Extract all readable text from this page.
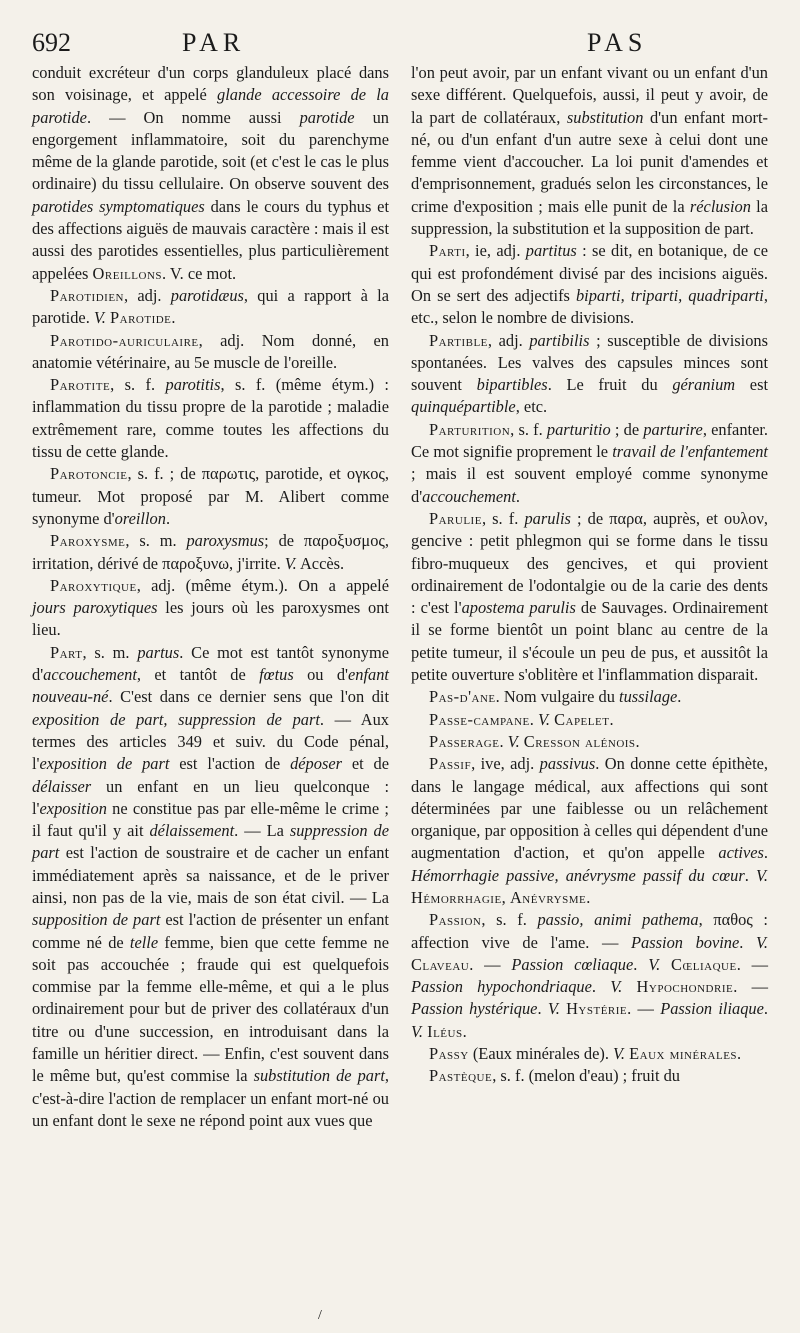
692	PAR	PAS

conduit excréteur d'un corps glanduleux placé dans son voisinage, et appelé glande accessoire de la parotide. — On nomme aussi parotide un engorgement inflammatoire, soit du parenchyme même de la glande parotide, soit (et c'est le cas le plus ordinaire) du tissu cellulaire. On observe souvent des parotides symptomatiques dans le cours du typhus et des affections aiguës de mauvais caractère : mais il est aussi des parotides essentielles, plus particulièrement appelées Oreillons. V. ce mot.

Parotidien, adj. parotidæus, qui a rapport à la parotide. V. Parotide.

Parotido-auriculaire, adj. Nom donné, en anatomie vétérinaire, au 5e muscle de l'oreille.

Parotite, s. f. parotitis, s. f. (même étym.) : inflammation du tissu propre de la parotide ; maladie extrêmement rare, comme toutes les affections du tissu de cette glande.

Parotoncie, s. f. ; de παρωτις, parotide, et ογκος, tumeur. Mot proposé par M. Alibert comme synonyme d'oreillon.

Paroxysme, s. m. paroxysmus; de παροξυσμος, irritation, dérivé de παροξυνω, j'irrite. V. Accès.

Paroxytique, adj. (même étym.). On a appelé jours paroxytiques les jours où les paroxysmes ont lieu.

Part, s. m. partus. Ce mot est tantôt synonyme d'accouchement, et tantôt de fœtus ou d'enfant nouveau-né. C'est dans ce dernier sens que l'on dit exposition de part, suppression de part. — Aux termes des articles 349 et suiv. du Code pénal, l'exposition de part est l'action de déposer et de délaisser un enfant en un lieu quelconque : l'exposition ne constitue pas par elle-même le crime ; il faut qu'il y ait délaissement. — La suppression de part est l'action de soustraire et de cacher un enfant immédiatement après sa naissance, et de le priver ainsi, non pas de la vie, mais de son état civil. — La supposition de part est l'action de présenter un enfant comme né de telle femme, bien que cette femme ne soit pas accouchée ; fraude qui est quelquefois commise par la femme elle-même, et qui a le plus ordinairement pour but de priver des collatéraux d'un titre ou d'une succession, en introduisant dans la famille un héritier direct. — Enfin, c'est souvent dans le même but, qu'est commise la substitution de part, c'est-à-dire l'action de remplacer un enfant mort-né ou un enfant dont le sexe ne répond point aux vues que

l'on peut avoir, par un enfant vivant ou un enfant d'un sexe différent. Quelquefois, aussi, il peut y avoir, de la part de collatéraux, substitution d'un enfant mort-né, ou d'un enfant d'un autre sexe à celui dont une femme vient d'accoucher. La loi punit d'amendes et d'emprisonnement, gradués selon les circonstances, le crime d'exposition ; mais elle punit de la réclusion la suppression, la substitution et la supposition de part.

Parti, ie, adj. partitus : se dit, en botanique, de ce qui est profondément divisé par des incisions aiguës. On se sert des adjectifs biparti, triparti, quadriparti, etc., selon le nombre de divisions.

Partible, adj. partibilis ; susceptible de divisions spontanées. Les valves des capsules minces sont souvent bipartibles. Le fruit du géranium est quinquépartible, etc.

Parturition, s. f. parturitio ; de parturire, enfanter. Ce mot signifie proprement le travail de l'enfantement ; mais il est souvent employé comme synonyme d'accouchement.

Parulie, s. f. parulis ; de παρα, auprès, et ουλον, gencive : petit phlegmon qui se forme dans le tissu fibro-muqueux des gencives, et qui provient ordinairement de l'odontalgie ou de la carie des dents : c'est l'apostema parulis de Sauvages. Ordinairement il se forme bientôt un point blanc au centre de la petite tumeur, il s'écoule un peu de pus, et aussitôt la petite ouverture s'oblitère et l'inflammation disparait.

Pas-d'ane. Nom vulgaire du tussilage.

Passe-campane. V. Capelet.

Passerage. V. Cresson alénois.

Passif, ive, adj. passivus. On donne cette épithète, dans le langage médical, aux affections qui sont déterminées par une faiblesse ou un relâchement organique, par opposition à celles qui dépendent d'une augmentation d'action, et qu'on appelle actives. Hémorrhagie passive, anévrysme passif du cœur. V. Hémorrhagie, Anévrysme.

Passion, s. f. passio, animi pathema, παθος : affection vive de l'ame. — Passion bovine. V. Claveau. — Passion cœliaque. V. Cœliaque. — Passion hypochondriaque. V. Hypochondrie. — Passion hystérique. V. Hystérie. — Passion iliaque. V. Iléus.

Passy (Eaux minérales de). V. Eaux minérales.

Pastèque, s. f. (melon d'eau) ; fruit du

/
